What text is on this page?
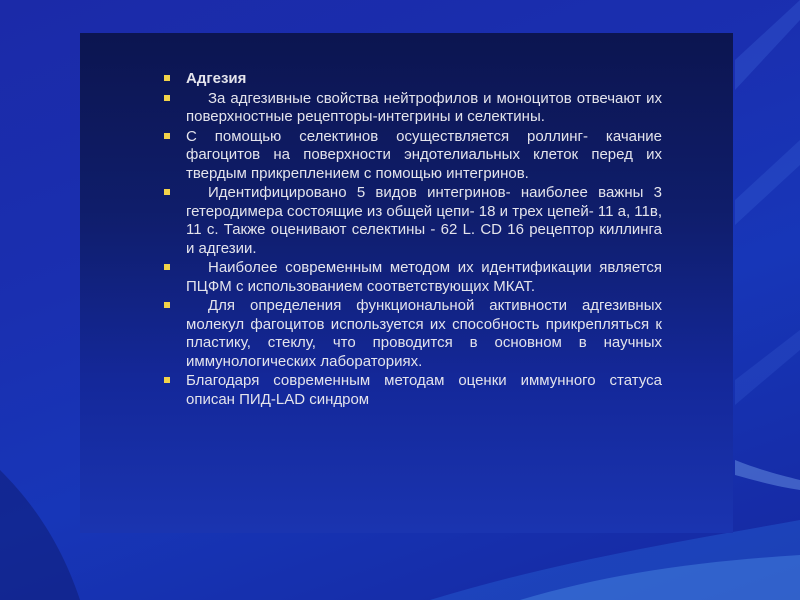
Адгезия
За адгезивные свойства нейтрофилов и моноцитов отвечают их поверхностные рецепторы-интегрины и селектины.
С помощью селектинов осуществляется роллинг- качание фагоцитов на поверхности эндотелиальных клеток перед их твердым прикреплением с помощью интегринов.
Идентифицировано 5 видов интегринов- наиболее важны 3 гетеродимера состоящие из общей цепи- 18 и трех цепей- 11 а, 11в, 11 с. Также оценивают селектины - 62 L. CD 16 рецептор киллинга и адгезии.
Наиболее современным методом их идентификации является ПЦФМ с использованием соответствующих МКАТ.
Для определения функциональной активности адгезивных молекул фагоцитов используется их способность прикрепляться к пластику, стеклу, что проводится в основном в научных иммунологических лабораториях.
Благодаря современным методам оценки иммунного статуса описан ПИД-LAD синдром
